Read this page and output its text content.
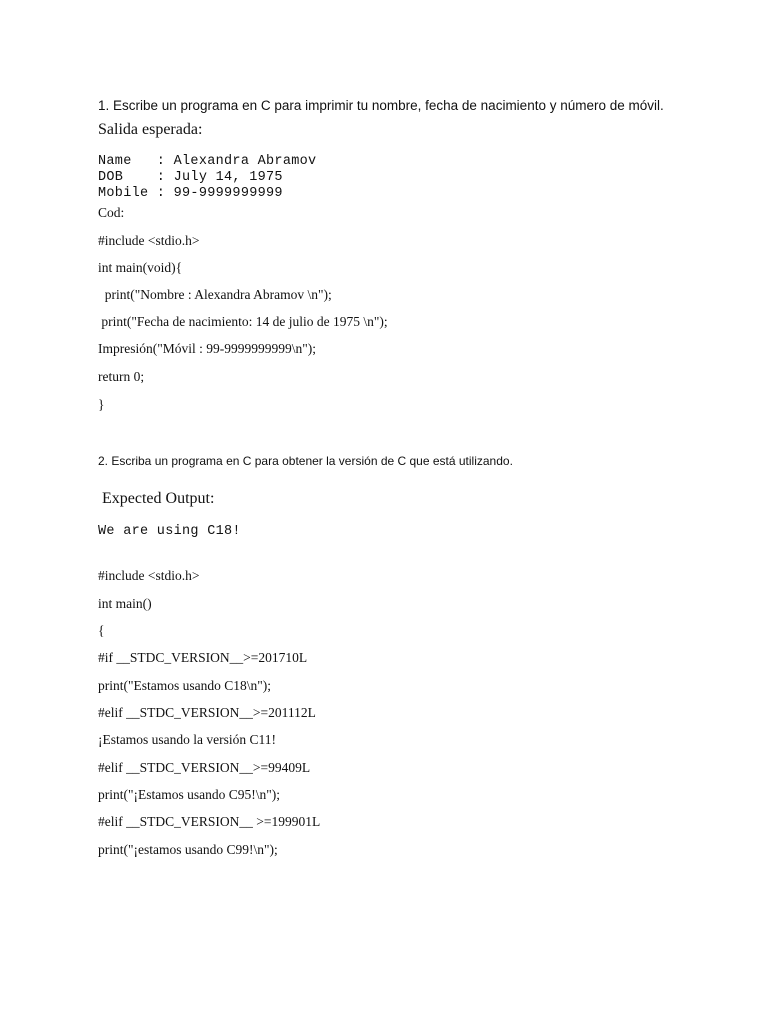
1. Escribe un programa en C para imprimir tu nombre, fecha de nacimiento y número de móvil.
Salida esperada:
Name   : Alexandra Abramov
DOB    : July 14, 1975
Mobile : 99-9999999999
Cod:
#include <stdio.h>
int main(void){
print("Nombre : Alexandra Abramov \n");
print("Fecha de nacimiento: 14 de julio de 1975 \n");
Impresión("Móvil : 99-9999999999\n");
return 0;
}
2. Escriba un programa en C para obtener la versión de C que está utilizando.
Expected Output:
We are using C18!
#include <stdio.h>
int main()
{
#if __STDC_VERSION__>=201710L
print("Estamos usando C18\n");
#elif __STDC_VERSION__>=201112L
¡Estamos usando la versión C11!
#elif __STDC_VERSION__>=99409L
print("¡Estamos usando C95!\n");
#elif __STDC_VERSION__ >=199901L
print("¡estamos usando C99!\n");
